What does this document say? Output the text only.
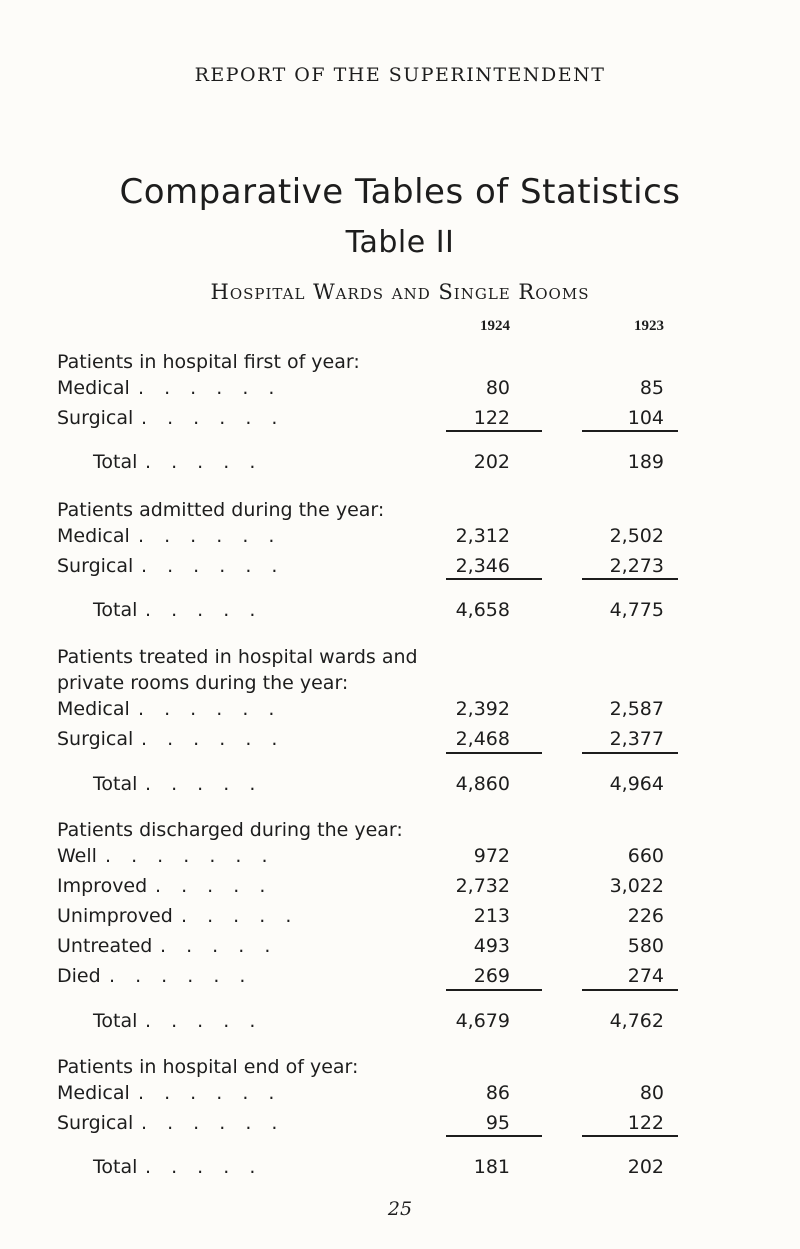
REPORT OF THE SUPERINTENDENT
Comparative Tables of Statistics
Table II
Hospital Wards and Single Rooms
1924	1923
Patients in hospital first of year:
Medical . . . . . .	80	85
Surgical . . . . . .	122	104
Total . . . . .	202	189
Patients admitted during the year:
Medical . . . . . .	2,312	2,502
Surgical . . . . . .	2,346	2,273
Total . . . . .	4,658	4,775
Patients treated in hospital wards and
private rooms during the year:
Medical . . . . . .	2,392	2,587
Surgical . . . . . .	2,468	2,377
Total . . . . .	4,860	4,964
Patients discharged during the year:
Well . . . . . . .	972	660
Improved . . . . .	2,732	3,022
Unimproved . . . . .	213	226
Untreated . . . . .	493	580
Died . . . . . .	269	274
Total . . . . .	4,679	4,762
Patients in hospital end of year:
Medical . . . . . .	86	80
Surgical . . . . . .	95	122
Total . . . . .	181	202
25
